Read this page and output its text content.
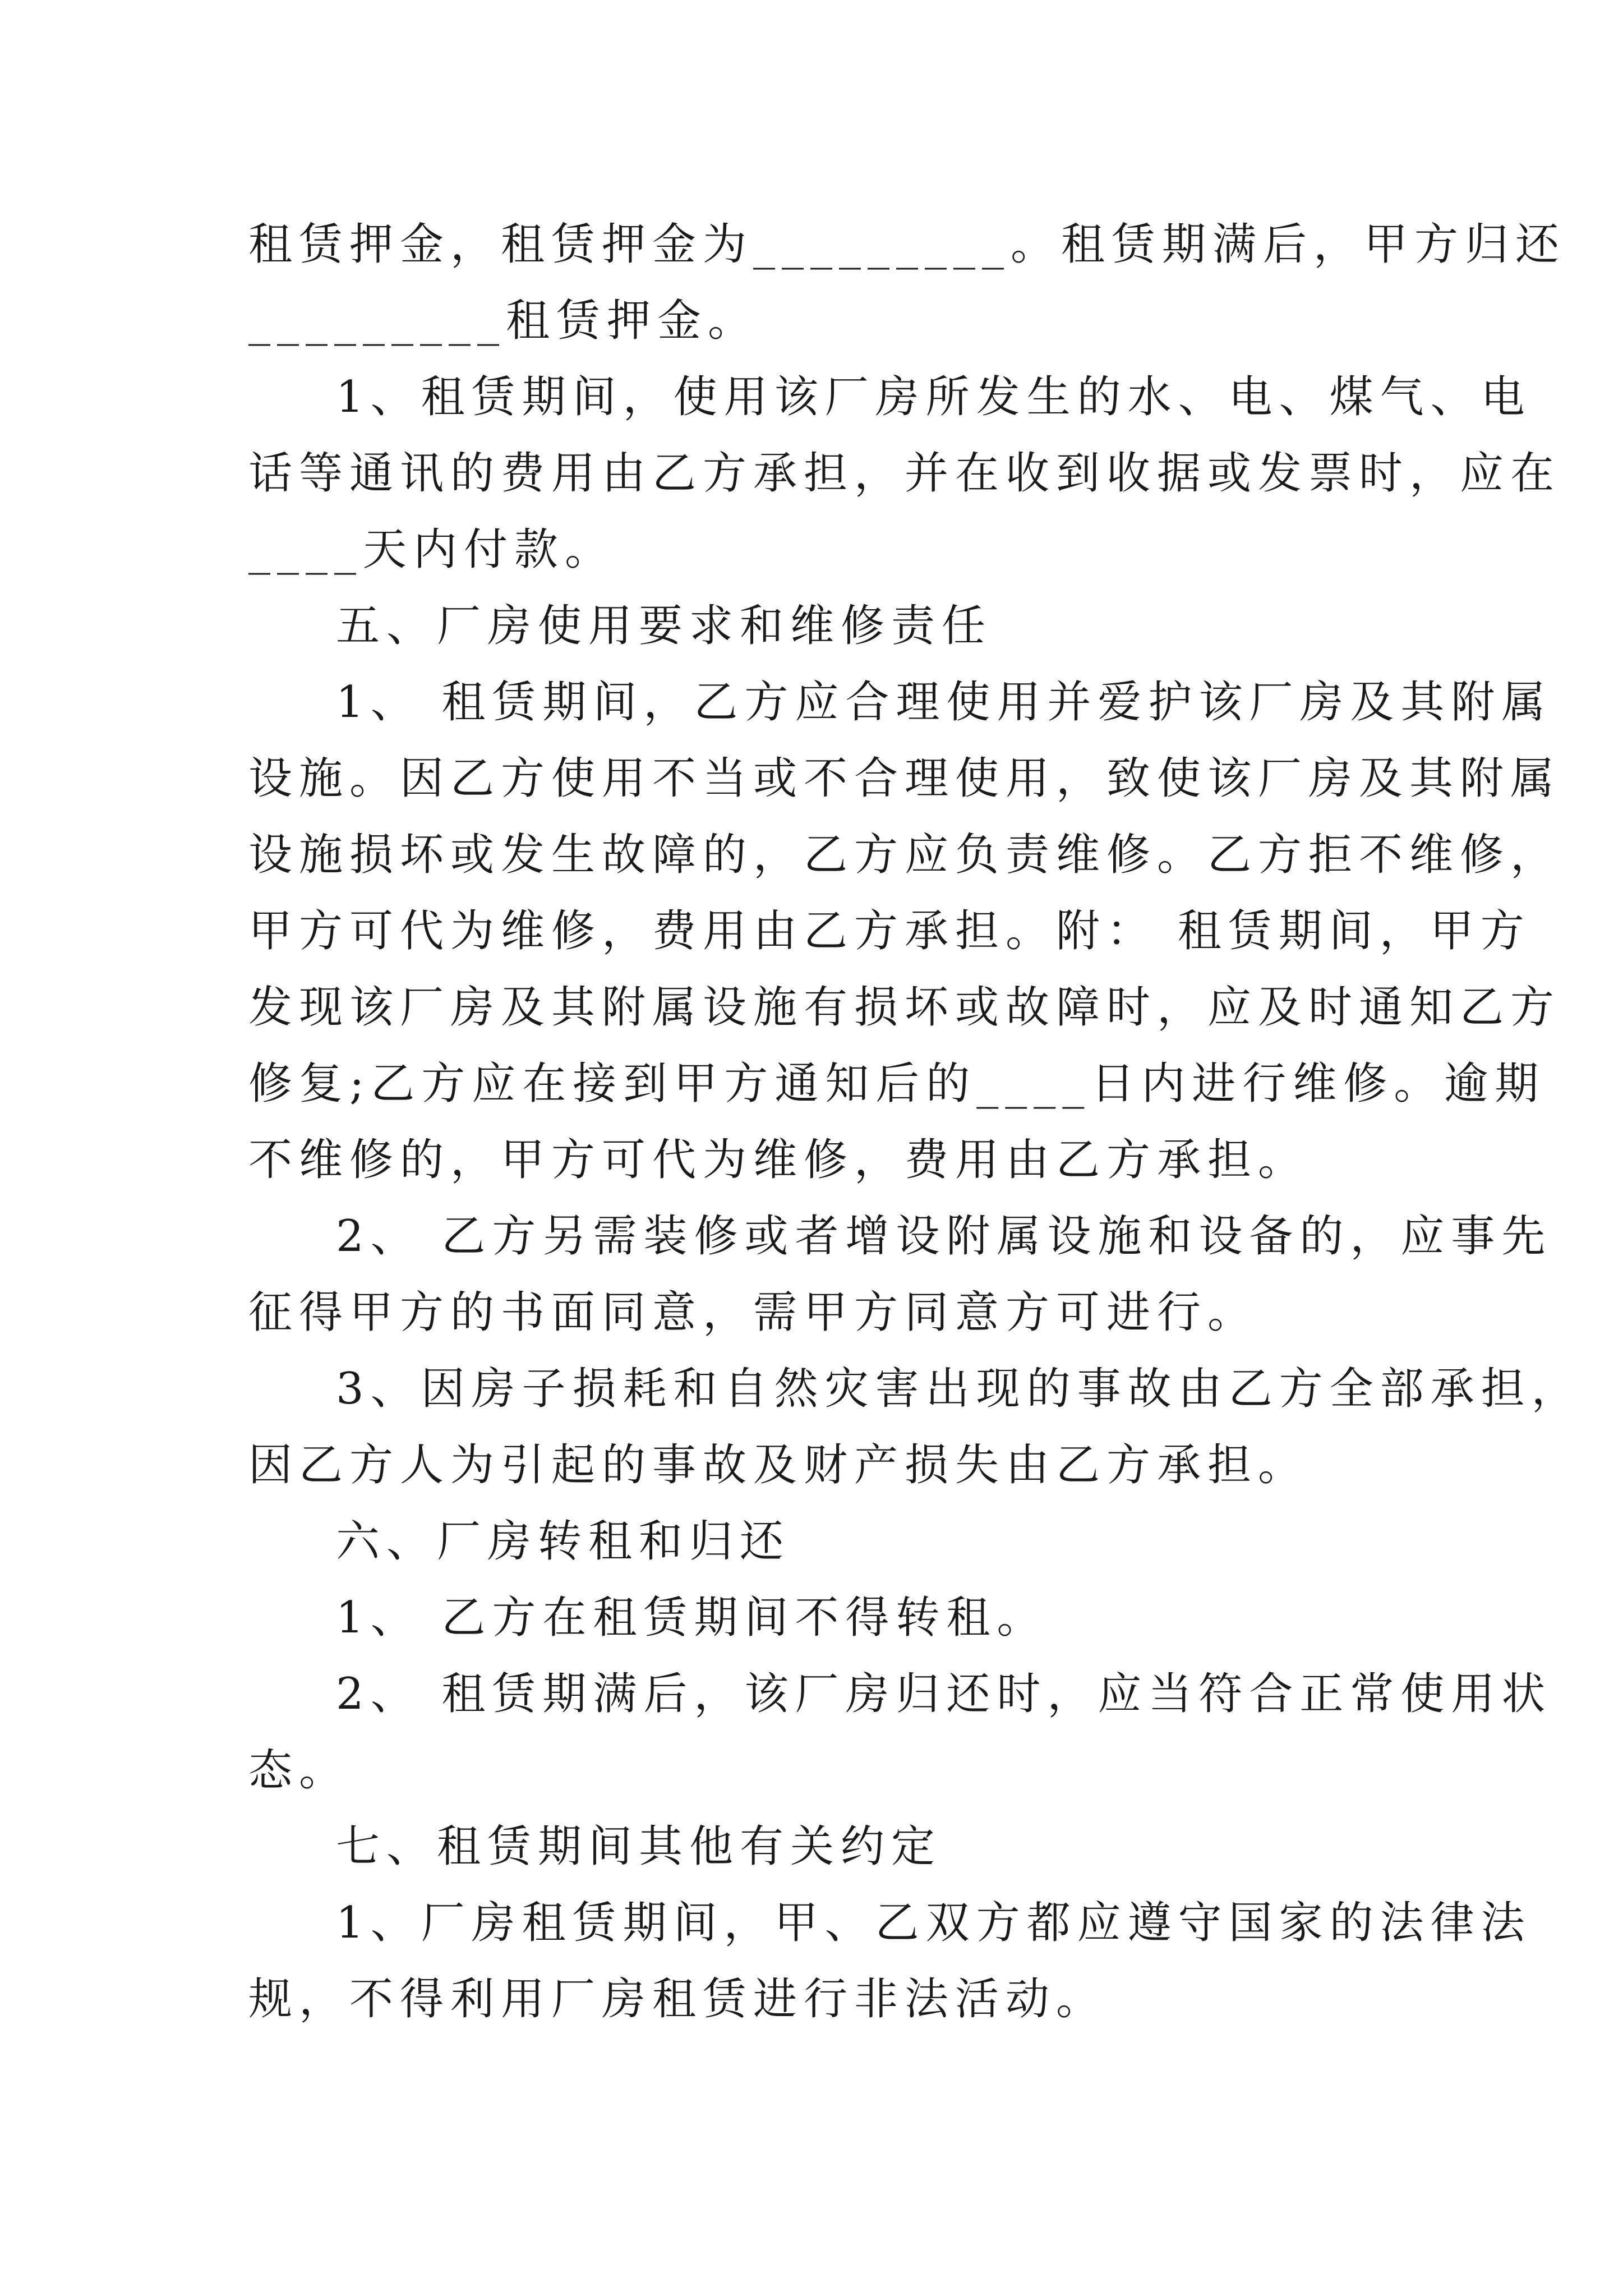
租赁押金，租赁押金为_________。租赁期满后，甲方归还
_________租赁押金。

1、租赁期间，使用该厂房所发生的水、电、煤气、电
话等通讯的费用由乙方承担，并在收到收据或发票时，应在
____天内付款。

五、厂房使用要求和维修责任

1、 租赁期间，乙方应合理使用并爱护该厂房及其附属
设施。因乙方使用不当或不合理使用，致使该厂房及其附属
设施损坏或发生故障的，乙方应负责维修。乙方拒不维修，
甲方可代为维修，费用由乙方承担。附： 租赁期间，甲方
发现该厂房及其附属设施有损坏或故障时，应及时通知乙方
修复;乙方应在接到甲方通知后的____日内进行维修。逾期
不维修的，甲方可代为维修，费用由乙方承担。

2、 乙方另需装修或者增设附属设施和设备的，应事先
征得甲方的书面同意，需甲方同意方可进行。

3、因房子损耗和自然灾害出现的事故由乙方全部承担，
因乙方人为引起的事故及财产损失由乙方承担。

六、厂房转租和归还

1、 乙方在租赁期间不得转租。

2、 租赁期满后，该厂房归还时，应当符合正常使用状
态。

七、租赁期间其他有关约定

1、厂房租赁期间，甲、乙双方都应遵守国家的法律法
规，不得利用厂房租赁进行非法活动。
